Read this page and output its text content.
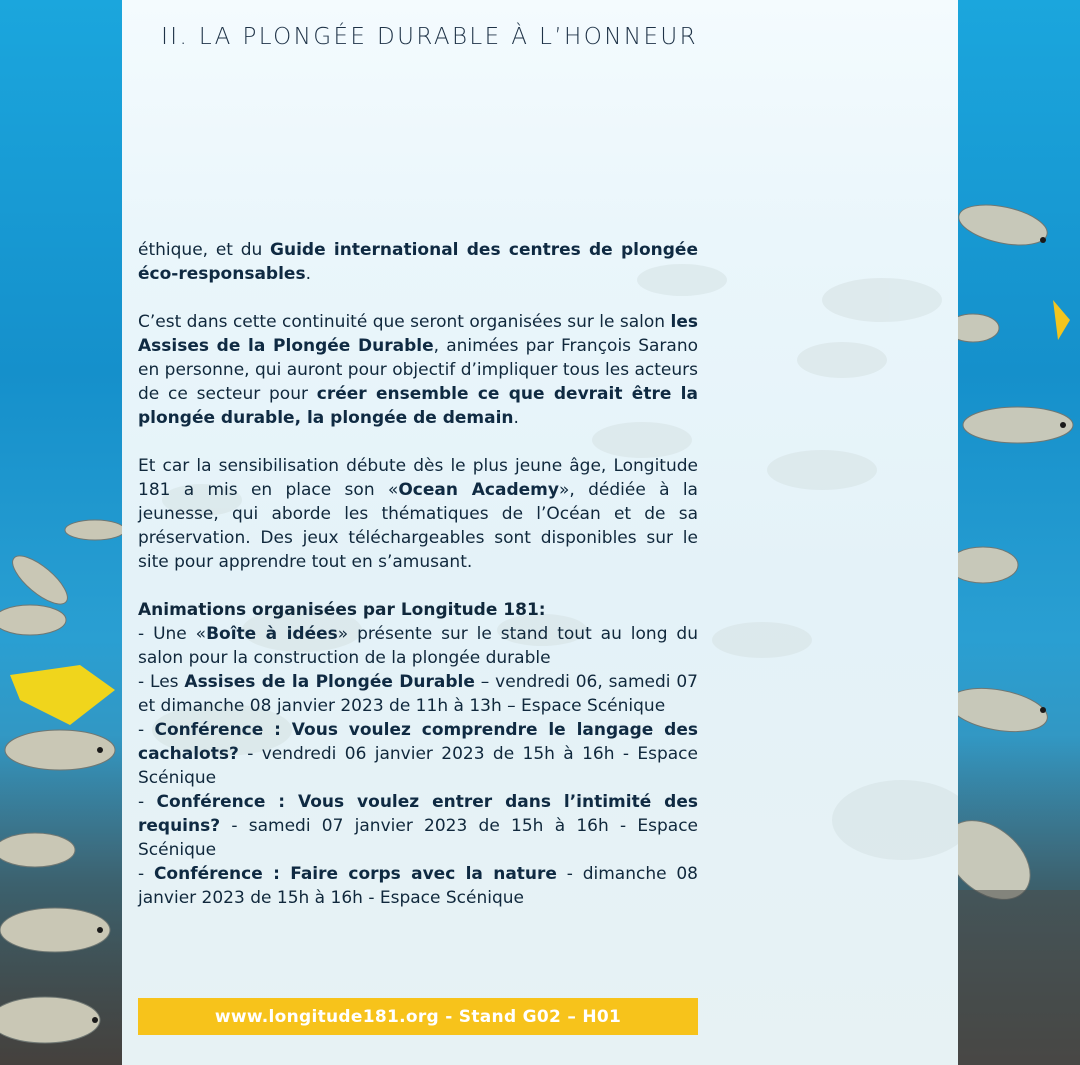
II. LA PLONGÉE DURABLE À L’HONNEUR

éthique, et du Guide international des centres de plongée éco-responsables.

C’est dans cette continuité que seront organisées sur le salon les Assises de la Plongée Durable, animées par François Sarano en personne, qui auront pour objectif d’impliquer tous les acteurs de ce secteur pour créer ensemble ce que devrait être la plongée durable, la plongée de demain.

Et car la sensibilisation débute dès le plus jeune âge, Longitude 181 a mis en place son «Ocean Academy», dédiée à la jeunesse, qui aborde les thématiques de l’Océan et de sa préservation. Des jeux téléchargeables sont disponibles sur le site pour apprendre tout en s’amusant.

Animations organisées par Longitude 181:
- Une «Boîte à idées» présente sur le stand tout au long du salon pour la construction de la plongée durable
- Les Assises de la Plongée Durable – vendredi 06, samedi 07 et dimanche 08 janvier 2023 de 11h à 13h – Espace Scénique
- Conférence : Vous voulez comprendre le langage des cachalots? - vendredi 06 janvier 2023 de 15h à 16h - Espace Scénique
- Conférence : Vous voulez entrer dans l’intimité des requins? - samedi 07 janvier 2023 de 15h à 16h - Espace Scénique
- Conférence : Faire corps avec la nature - dimanche 08 janvier 2023 de 15h à 16h - Espace Scénique
www.longitude181.org - Stand G02 – H01
